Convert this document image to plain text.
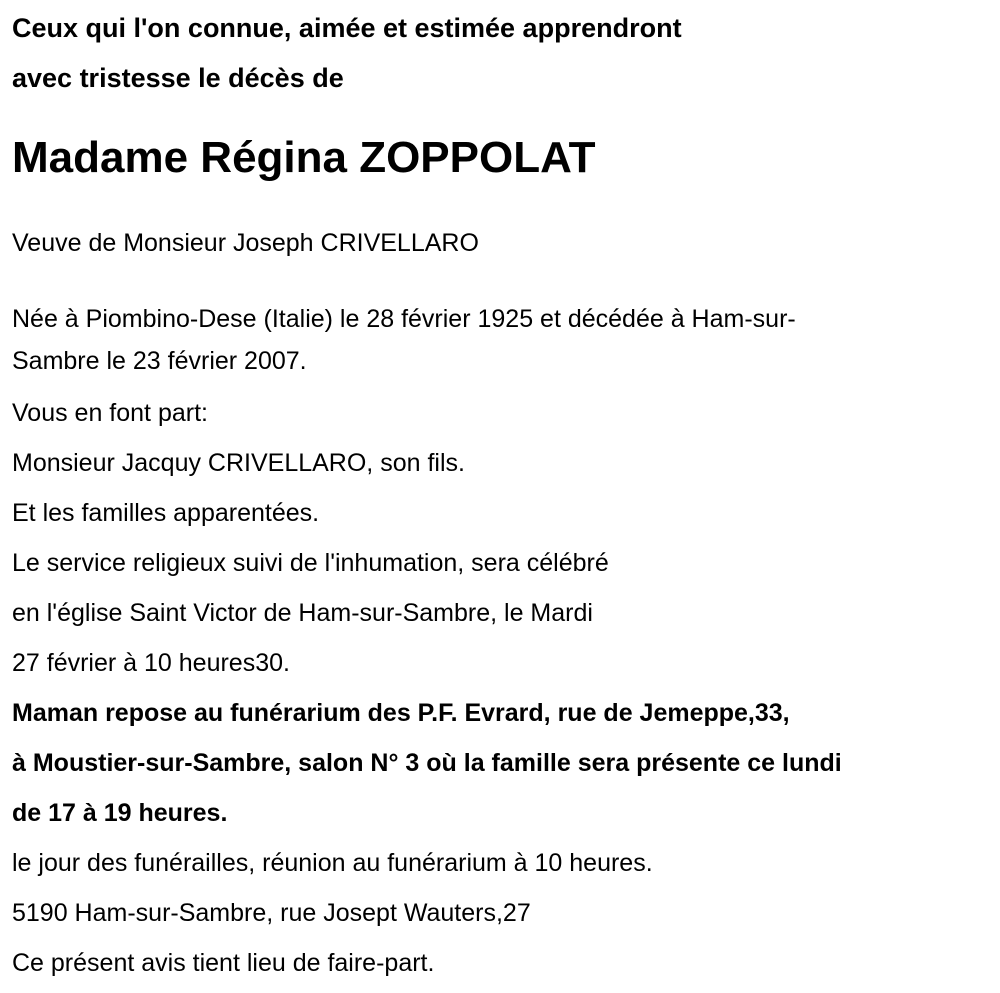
Ceux qui l'on connue, aimée et estimée apprendront
avec tristesse le décès de
Madame Régina ZOPPOLAT
Veuve de Monsieur Joseph CRIVELLARO
Née à Piombino-Dese (Italie) le 28 février 1925 et décédée à Ham-sur-
Sambre le 23 février 2007.
Vous en font part:
Monsieur Jacquy CRIVELLARO, son fils.
Et les familles apparentées.
Le service religieux suivi de l'inhumation, sera célébré
en l'église Saint Victor de Ham-sur-Sambre, le Mardi
27 février à 10 heures30.
Maman repose au funérarium des P.F. Evrard, rue de Jemeppe,33,
à Moustier-sur-Sambre, salon N° 3 où la famille sera présente ce lundi
de 17 à 19 heures.
le jour des funérailles, réunion au funérarium à 10 heures.
5190 Ham-sur-Sambre, rue Josept Wauters,27
Ce présent avis tient lieu de faire-part.
